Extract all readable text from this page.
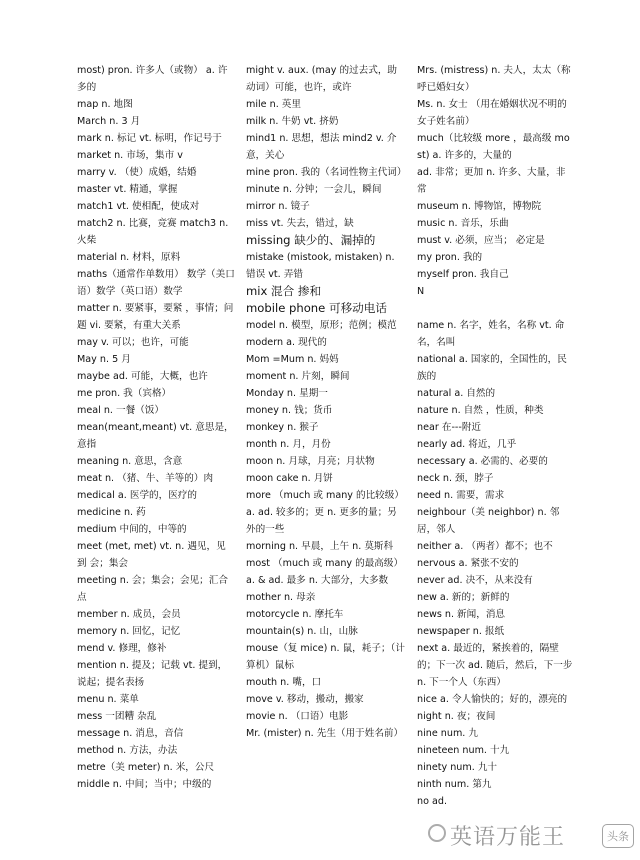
most) pron. 许多人（或物） a. 许多的
map n. 地图
March n. 3 月
mark n. 标记 vt. 标明，作记号于
market n. 市场，集市 v
marry v. （使）成婚，结婚
master vt. 精通，掌握
match1 vt. 使相配，使成对
match2 n. 比赛，竞赛 match3 n. 火柴
material n. 材料，原料
maths（通常作单数用） 数学（美口语）数学（英口语）数学
matter n. 要紧事，要紧 ，事情；问题 vi. 要紧，有重大关系
may v. 可以；也许，可能
May n. 5 月
maybe ad. 可能，大概，也许
me pron. 我（宾格）
meal n. 一餐（饭）
mean(meant,meant) vt. 意思是，意指
meaning n. 意思，含意
meat n. （猪、牛、羊等的）肉
medical a. 医学的，医疗的
medicine n. 药
medium 中间的，中等的
meet (met, met) vt. n. 遇见，见到 会；集会
meeting n. 会；集会；会见；汇合点
member n. 成员，会员
memory n. 回忆，记忆
mend v. 修理，修补
mention n. 提及；记载 vt. 提到，说起；提名表扬
menu n. 菜单
mess 一团糟 杂乱
message n. 消息，音信
method n. 方法，办法
metre（美 meter) n. 米，公尺
middle n. 中间；当中；中级的
might v. aux. (may 的过去式，助动词）可能，也许，或许
mile n. 英里
milk n. 牛奶 vt. 挤奶
mind1 n. 思想，想法 mind2 v. 介意，关心
mine pron. 我的（名词性物主代词）
minute n. 分钟；一会儿，瞬间
mirror n. 镜子
miss vt. 失去，错过，缺
missing 缺少的、漏掉的
mistake (mistook, mistaken) n. 错误 vt. 弄错
mix 混合 掺和
mobile phone 可移动电话
model n. 模型，原形；范例；模范
modern a. 现代的
Mom =Mum n. 妈妈
moment n. 片刻，瞬间
Monday n. 星期一
money n. 钱；货币
monkey n. 猴子
month n. 月，月份
moon n. 月球，月亮；月状物
moon cake n. 月饼
more （much 或 many 的比较级） a. ad. 较多的；更 n. 更多的量；另外的一些
morning n. 早晨，上午 n. 莫斯科
most （much 或 many 的最高级） a. & ad. 最多 n. 大部分，大多数
mother n. 母亲
motorcycle n. 摩托车
mountain(s) n. 山，山脉
mouse（复 mice) n. 鼠，耗子；（计算机）鼠标
mouth n. 嘴，口
move v. 移动，搬动，搬家
movie n. （口语）电影
Mr. (mister) n. 先生（用于姓名前）
Mrs. (mistress) n. 夫人，太太（称呼已婚妇女）
Ms. n. 女士 （用在婚姻状况不明的女子姓名前）
much（比较级 more ，最高级 most) a. 许多的，大量的
ad. 非常；更加 n. 许多、大量，非常
museum n. 博物馆，博物院
music n. 音乐，乐曲
must v. 必须，应当； 必定是
my pron. 我的
myself pron. 我自己
N
name n. 名字，姓名，名称 vt. 命名，名叫
national a. 国家的，全国性的，民族的
natural a. 自然的
nature n. 自然 ，性质，种类
near 在---附近
nearly ad. 将近，几乎
necessary a. 必需的、必要的
neck n. 颈，脖子
need n. 需要，需求
neighbour（美 neighbor) n. 邻居，邻人
neither a. （两者）都不；也不
nervous a. 紧张不安的
never ad. 决不，从来没有
new a. 新的；新鲜的
news n. 新闻，消息
newspaper n. 报纸
next a. 最近的，紧挨着的，隔壁的；下一次 ad. 随后，然后，下一步 n. 下一个人（东西）
nice a. 令人愉快的；好的，漂亮的
night n. 夜；夜间
nine num. 九
nineteen num. 十九
ninety num. 九十
ninth num. 第九
no ad.
英语万能王	头条
